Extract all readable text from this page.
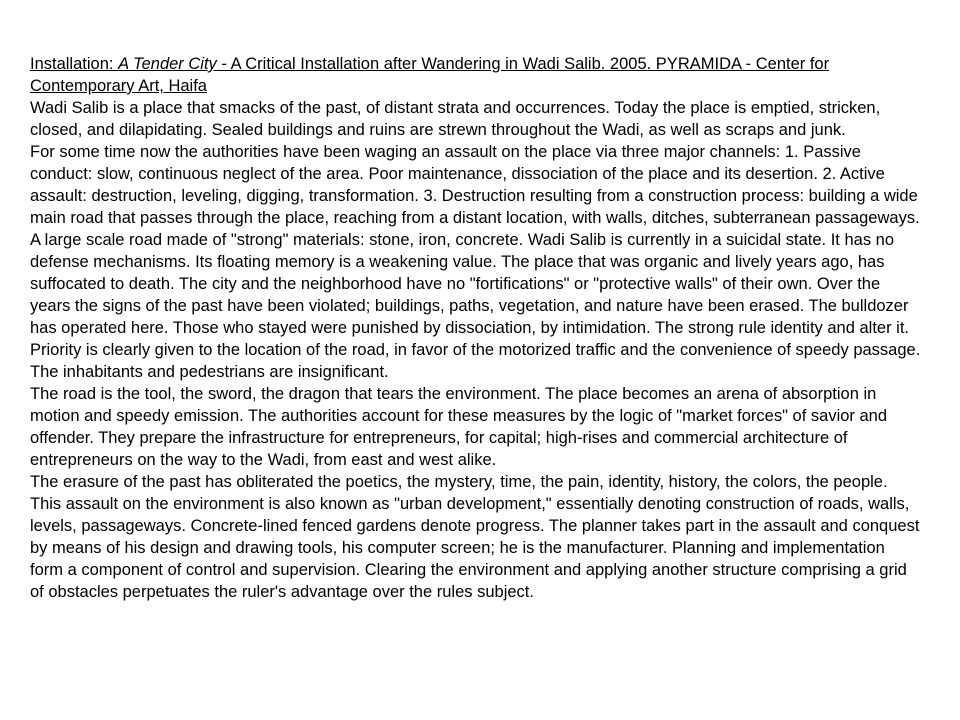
Installation: A Tender City - A Critical Installation after Wandering in Wadi Salib. 2005. PYRAMIDA - Center for Contemporary Art, Haifa

Wadi Salib is a place that smacks of the past, of distant strata and occurrences. Today the place is emptied, stricken, closed, and dilapidating. Sealed buildings and ruins are strewn throughout the Wadi, as well as scraps and junk.

For some time now the authorities have been waging an assault on the place via three major channels: 1. Passive conduct: slow, continuous neglect of the area. Poor maintenance, dissociation of the place and its desertion. 2. Active assault: destruction, leveling, digging, transformation. 3. Destruction resulting from a construction process: building a wide main road that passes through the place, reaching from a distant location, with walls, ditches, subterranean passageways. A large scale road made of "strong" materials: stone, iron, concrete. Wadi Salib is currently in a suicidal state. It has no defense mechanisms. Its floating memory is a weakening value. The place that was organic and lively years ago, has suffocated to death. The city and the neighborhood have no "fortifications" or "protective walls" of their own. Over the years the signs of the past have been violated; buildings, paths, vegetation, and nature have been erased. The bulldozer has operated here. Those who stayed were punished by dissociation, by intimidation. The strong rule identity and alter it. Priority is clearly given to the location of the road, in favor of the motorized traffic and the convenience of speedy passage. The inhabitants and pedestrians are insignificant.

The road is the tool, the sword, the dragon that tears the environment. The place becomes an arena of absorption in motion and speedy emission. The authorities account for these measures by the logic of "market forces" of savior and offender. They prepare the infrastructure for entrepreneurs, for capital; high-rises and commercial architecture of entrepreneurs on the way to the Wadi, from east and west alike.

The erasure of the past has obliterated the poetics, the mystery, time, the pain, identity, history, the colors, the people. This assault on the environment is also known as "urban development," essentially denoting construction of roads, walls, levels, passageways. Concrete-lined fenced gardens denote progress. The planner takes part in the assault and conquest by means of his design and drawing tools, his computer screen; he is the manufacturer. Planning and implementation form a component of control and supervision. Clearing the environment and applying another structure comprising a grid of obstacles perpetuates the ruler's advantage over the rules subject.
